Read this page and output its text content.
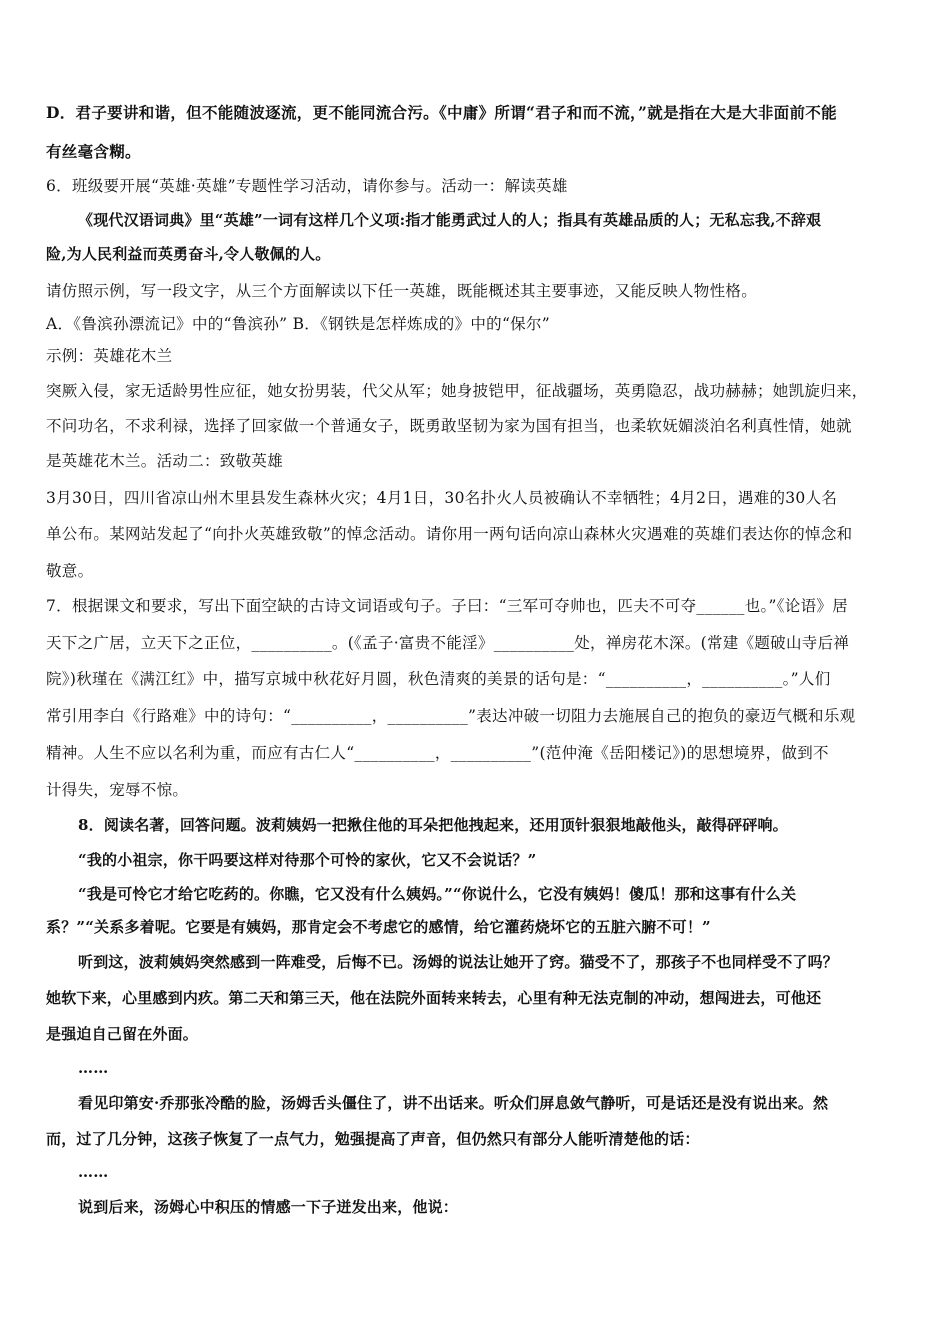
D．君子要讲和谐，但不能随波逐流，更不能同流合污。《中庸》所谓“君子和而不流，”就是指在大是大非面前不能
有丝毫含糊。
6．班级要开展“英雄·英雄”专题性学习活动，请你参与。活动一：解读英雄
《现代汉语词典》里“英雄”一词有这样几个义项:指才能勇武过人的人；指具有英雄品质的人；无私忘我,不辞艰
险,为人民利益而英勇奋斗,令人敬佩的人。
请仿照示例，写一段文字，从三个方面解读以下任一英雄，既能概述其主要事迹，又能反映人物性格。
A．《鲁滨孙漂流记》中的“鲁滨孙” B．《钢铁是怎样炼成的》中的“保尔”
示例：英雄花木兰
突厥入侵，家无适龄男性应征，她女扮男装，代父从军；她身披铠甲，征战疆场，英勇隐忍，战功赫赫；她凯旋归来，
不问功名，不求利禄，选择了回家做一个普通女子，既勇敢坚韧为家为国有担当，也柔软妩媚淡泊名利真性情，她就
是英雄花木兰。活动二：致敬英雄
3月30日，四川省凉山州木里县发生森林火灾；4月1日，30名扑火人员被确认不幸牺牲；4月2日，遇难的30人名
单公布。某网站发起了“向扑火英雄致敬”的悼念活动。请你用一两句话向凉山森林火灾遇难的英雄们表达你的悼念和
敬意。
7．根据课文和要求，写出下面空缺的古诗文词语或句子。子曰：“三军可夺帅也，匹夫不可夺______也。”《论语》居
天下之广居，立天下之正位，__________。(《孟子·富贵不能淫》__________处，禅房花木深。(常建《题破山寺后禅
院》)秋瑾在《满江红》中，描写京城中秋花好月圆，秋色清爽的美景的话句是：“__________，__________。”人们
常引用李白《行路难》中的诗句：“__________，__________”表达冲破一切阻力去施展自己的抱负的豪迈气概和乐观
精神。人生不应以名利为重，而应有古仁人“__________，__________”(范仲淹《岳阳楼记》)的思想境界，做到不
计得失，宠辱不惊。
8．阅读名著，回答问题。波莉姨妈一把揪住他的耳朵把他拽起来，还用顶针狠狠地敲他头，敲得砰砰响。
“我的小祖宗，你干吗要这样对待那个可怜的家伙，它又不会说话？”
“我是可怜它才给它吃药的。你瞧，它又没有什么姨妈。”“你说什么，它没有姨妈！傻瓜！那和这事有什么关
系？”“关系多着呢。它要是有姨妈，那肯定会不考虑它的感情，给它灌药烧坏它的五脏六腑不可！”
听到这，波莉姨妈突然感到一阵难受，后悔不已。汤姆的说法让她开了窍。猫受不了，那孩子不也同样受不了吗？
她软下来，心里感到内疚。第二天和第三天，他在法院外面转来转去，心里有种无法克制的冲动，想闯进去，可他还
是强迫自己留在外面。
……
看见印第安·乔那张冷酷的脸，汤姆舌头僵住了，讲不出话来。听众们屏息敛气静听，可是话还是没有说出来。然
而，过了几分钟，这孩子恢复了一点气力，勉强提高了声音，但仍然只有部分人能听清楚他的话：
……
说到后来，汤姆心中积压的情感一下子迸发出来，他说：
